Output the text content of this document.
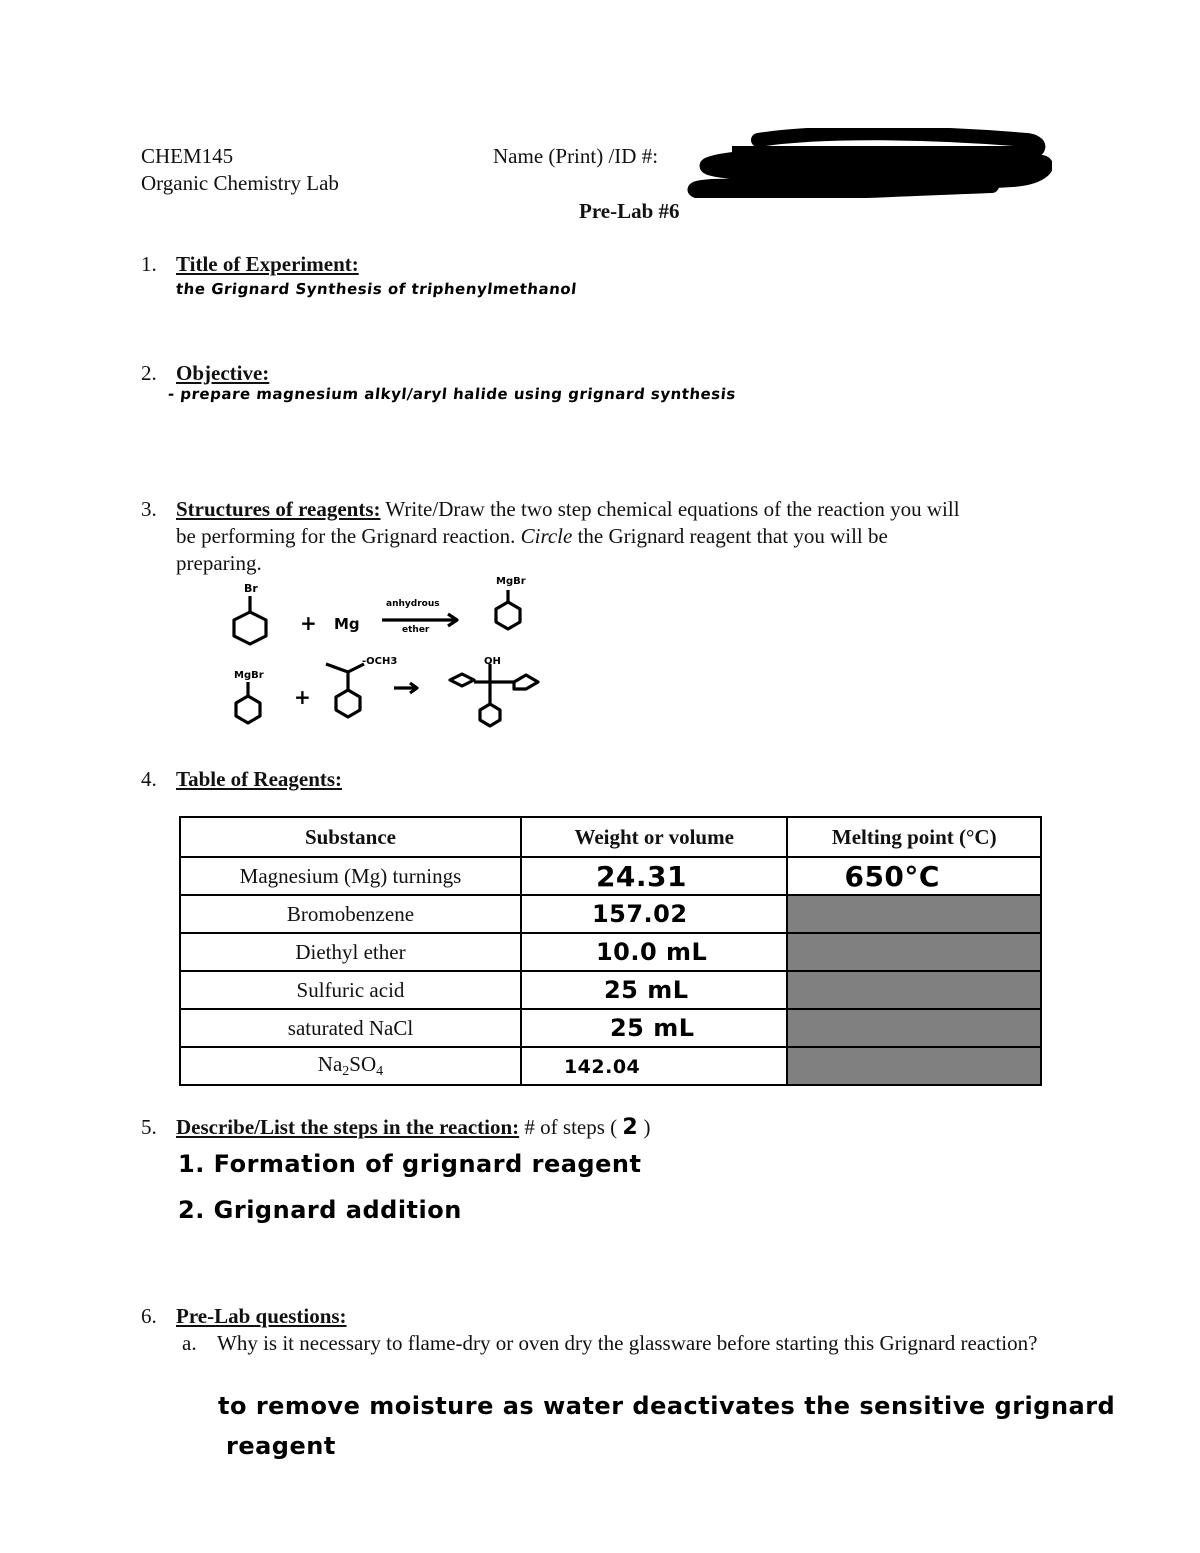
CHEM145
Organic Chemistry Lab
Name (Print) /ID #:
Pre-Lab #6
1. Title of Experiment:
the Grignard Synthesis of triphenylmethanol
2. Objective:
- prepare magnesium alkyl/aryl halide using grignard synthesis
3. Structures of reagents: Write/Draw the two step chemical equations of the reaction you will
be performing for the Grignard reaction. Circle the Grignard reagent that you will be
preparing.
Br
+ Mg
anhydrous
ether
MgBr
MgBr
+
-OCH3	OH
4. Table of Reagents:
Substance	Weight or volume	Melting point (°C)
Magnesium (Mg) turnings	24.31	650°C
Bromobenzene	157.02	
Diethyl ether	10.0 mL	
Sulfuric acid	25 mL	
saturated NaCl	25 mL	
$Na_2SO_4$	142.04	
5. Describe/List the steps in the reaction: # of steps ( 2 )
1. Formation of grignard reagent
2. Grignard addition
6. Pre-Lab questions:
a. Why is it necessary to flame-dry or oven dry the glassware before starting this Grignard reaction?
to remove moisture as water deactivates the sensitive grignard
reagent
